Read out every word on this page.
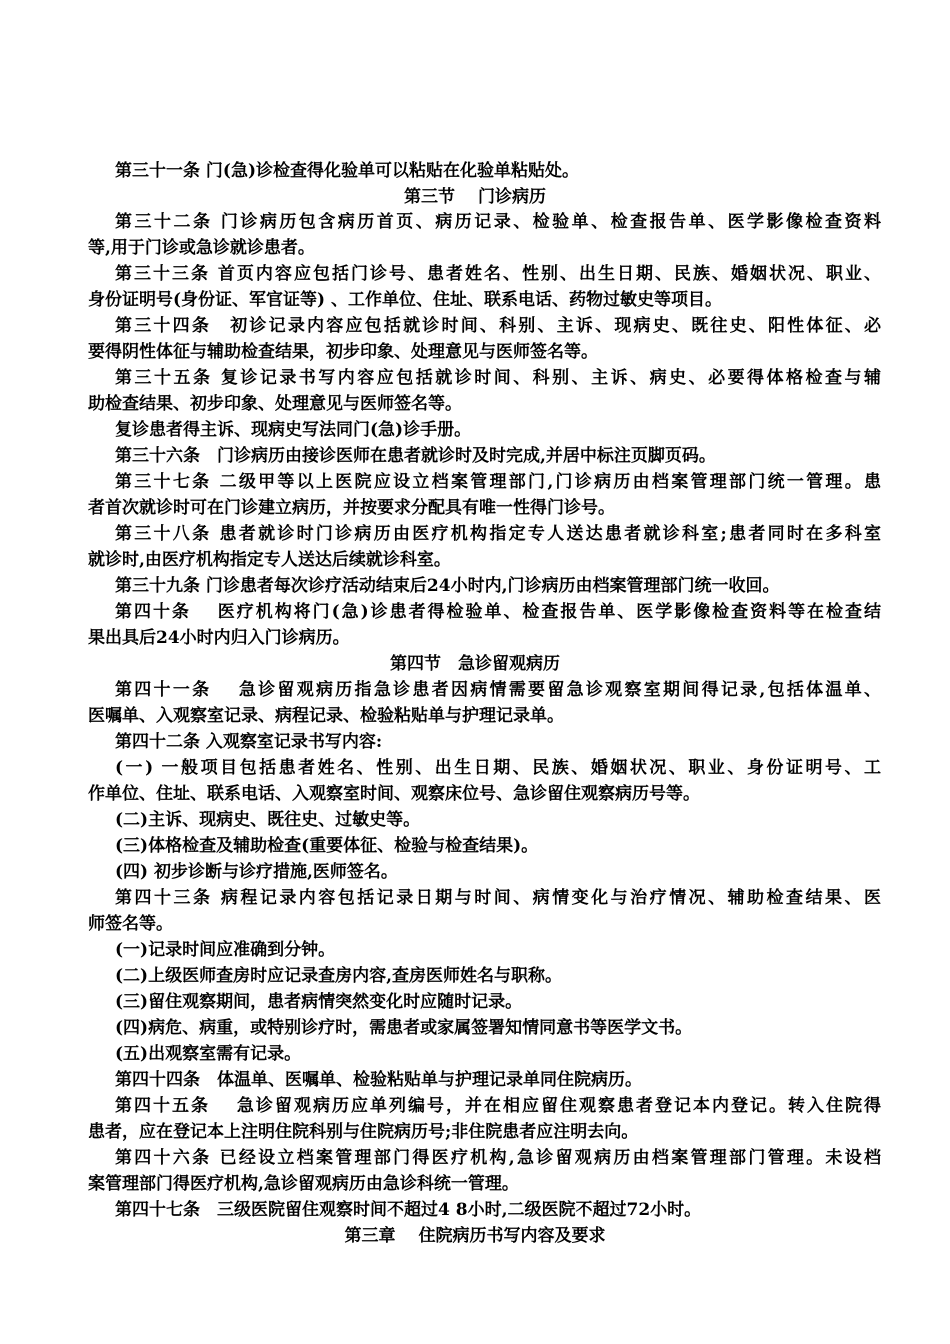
第三十一条 门(急)诊检查得化验单可以粘贴在化验单粘贴处。
第三节　 门诊病历
第三十二条 门诊病历包含病历首页、病历记录、检验单、检查报告单、医学影像检查资料
等,用于门诊或急诊就诊患者。
第三十三条 首页内容应包括门诊号、患者姓名、性别、出生日期、民族、婚姻状况、职业、
身份证明号(身份证、军官证等) 、工作单位、住址、联系电话、药物过敏史等项目。
第三十四条　初诊记录内容应包括就诊时间、科别、主诉、现病史、既往史、阳性体征、必
要得阴性体征与辅助检查结果，初步印象、处理意见与医师签名等。
第三十五条 复诊记录书写内容应包括就诊时间、科别、主诉、病史、必要得体格检查与辅
助检查结果、初步印象、处理意见与医师签名等。
复诊患者得主诉、现病史写法同门(急)诊手册。
第三十六条　门诊病历由接诊医师在患者就诊时及时完成,并居中标注页脚页码。
第三十七条 二级甲等以上医院应设立档案管理部门,门诊病历由档案管理部门统一管理。患
者首次就诊时可在门诊建立病历，并按要求分配具有唯一性得门诊号。
第三十八条 患者就诊时门诊病历由医疗机构指定专人送达患者就诊科室;患者同时在多科室
就诊时,由医疗机构指定专人送达后续就诊科室。
第三十九条 门诊患者每次诊疗活动结束后24小时内,门诊病历由档案管理部门统一收回。
第四十条　 医疗机构将门(急)诊患者得检验单、检查报告单、医学影像检查资料等在检查结
果出具后24小时内归入门诊病历。
第四节　急诊留观病历
第四十一条　 急诊留观病历指急诊患者因病情需要留急诊观察室期间得记录,包括体温单、
医嘱单、入观察室记录、病程记录、检验粘贴单与护理记录单。
第四十二条 入观察室记录书写内容:
(一) 一般项目包括患者姓名、性别、出生日期、民族、婚姻状况、职业、身份证明号、工
作单位、住址、联系电话、入观察室时间、观察床位号、急诊留住观察病历号等。
(二)主诉、现病史、既往史、过敏史等。
(三)体格检查及辅助检查(重要体征、检验与检查结果)。
(四) 初步诊断与诊疗措施,医师签名。
第四十三条 病程记录内容包括记录日期与时间、病情变化与治疗情况、辅助检查结果、医
师签名等。
(一)记录时间应准确到分钟。
(二)上级医师查房时应记录查房内容,查房医师姓名与职称。
(三)留住观察期间，患者病情突然变化时应随时记录。
(四)病危、病重，或特别诊疗时，需患者或家属签署知情同意书等医学文书。
(五)出观察室需有记录。
第四十四条　体温单、医嘱单、检验粘贴单与护理记录单同住院病历。
第四十五条　 急诊留观病历应单列编号，并在相应留住观察患者登记本内登记。转入住院得
患者，应在登记本上注明住院科别与住院病历号;非住院患者应注明去向。
第四十六条 已经设立档案管理部门得医疗机构,急诊留观病历由档案管理部门管理。未设档
案管理部门得医疗机构,急诊留观病历由急诊科统一管理。
第四十七条　三级医院留住观察时间不超过4 8小时,二级医院不超过72小时。
第三章　 住院病历书写内容及要求
